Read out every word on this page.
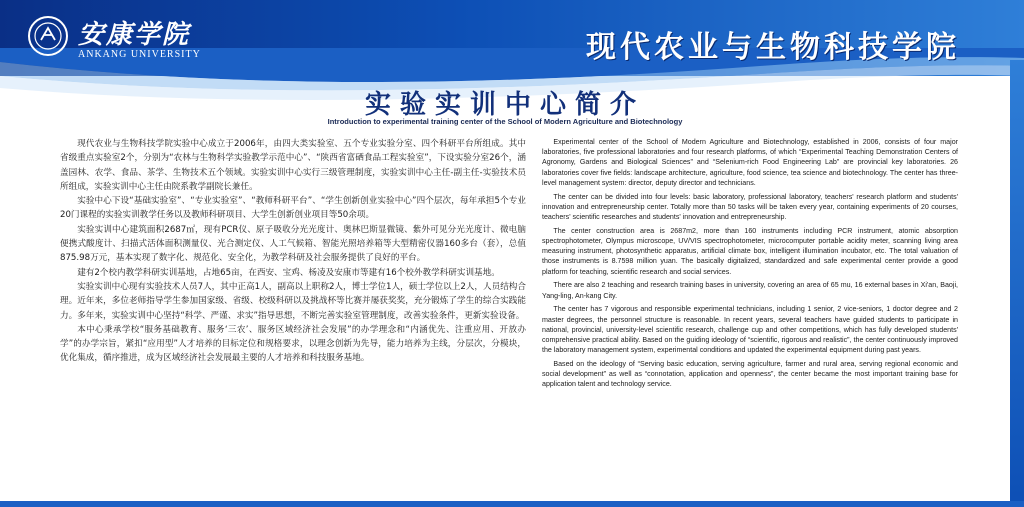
安康学院
ANKANG UNIVERSITY	现代农业与生物科技学院
实验实训中心简介
Introduction to experimental training center of the School of Modern Agriculture and Biotechnology

现代农业与生物科技学院实验中心成立于2006年，由四大类实验室、五个专业实验分室、四个科研平台所组成。其中省级重点实验室2个，分别为“农林与生物科学实验教学示范中心”、“陕西省富硒食品工程实验室”，下设实验分室26个，涵盖园林、农学、食品、茶学、生物技术五个领域。实验实训中心实行三级管理制度，实验实训中心主任-副主任-实验技术员所组成，实验实训中心主任由院系教学副院长兼任。

实验中心下设“基础实验室”、“专业实验室”、“教师科研平台”、“学生创新创业实验中心”四个层次，每年承担5个专业20门课程的实验实训教学任务以及教师科研项目、大学生创新创业项目等50余项。

实验实训中心建筑面积2687㎡，现有PCR仪、原子吸收分光光度计、奥林巴斯显微镜、紫外可见分光光度计、微电脑便携式酸度计、扫描式活体面积测量仪、光合测定仪、人工气候箱、智能光照培养箱等大型精密仪器160多台（套），总值875.98万元，基本实现了数字化、规范化、安全化，为教学科研及社会服务提供了良好的平台。

建有2个校内教学科研实训基地，占地65亩，在西安、宝鸡、杨凌及安康市等建有16个校外教学科研实训基地。

实验实训中心现有实验技术人员7人，其中正高1人，副高以上职称2人，博士学位1人，硕士学位以上2人，人员结构合理。近年来，多位老师指导学生参加国家级、省级、校级科研以及挑战杯等比赛并屡获奖奖，充分锻炼了学生的综合实践能力。多年来，实验实训中心坚持“科学、严谨、求实”指导思想，不断完善实验室管理制度，改善实验条件，更新实验设备。

本中心秉承学校“服务基础教育、服务‘三农’、服务区域经济社会发展”的办学理念和“内涵优先、注重应用、开放办学”的办学宗旨，紧扣“应用型”人才培养的目标定位和规格要求，以理念创新为先导，能力培养为主线，分层次，分模块，优化集成，循序推进，成为区域经济社会发展最主要的人才培养和科技服务基地。

Experimental center of the School of Modern Agriculture and Biotechnology, established in 2006, consists of four major laboratories, five professional laboratories and four research platforms, of which “Experimental Teaching Demonstration Centers of Agronomy, Gardens and Biological Sciences” and “Selenium-rich Food Engineering Lab” are provincial key laboratories. 26 laboratories cover five fields: landscape architecture, agriculture, food science, tea science and biotechnology. The center has three-level management system: director, deputy director and technicians.

The center can be divided into four levels: basic laboratory, professional laboratory, teachers' research platform and students' innovation and entrepreneurship center. Totally more than 50 tasks will be taken every year, containing experiments of 20 courses, teachers' scientific researches and students' innovation and entrepreneurship.

The center construction area is 2687m2, more than 160 instruments including PCR instrument, atomic absorption spectrophotometer, Olympus microscope, UV/VIS spectrophotometer, microcomputer portable acidity meter, scanning living area measuring instrument, photosynthetic apparatus, artificial climate box, intelligent illumination incubator, etc. The total valuation of those instruments is 8.7598 million yuan. The basically digitalized, standardized and safe experimental center provide a good platform for teaching, scientific research and social services.

There are also 2 teaching and research training bases in university, covering an area of 65 mu, 16 external bases in Xi'an, Baoji, Yang-ling, An-kang City.

The center has 7 vigorous and responsible experimental technicians, including 1 senior, 2 vice-seniors, 1 doctor degree and 2 master degrees, the personnel structure is reasonable. In recent years, several teachers have guided students to participate in national, provincial, university-level scientific research, challenge cup and other competitions, which has fully developed students' comprehensive practical ability. Based on the guiding ideology of “scientific, rigorous and realistic”, the center continuously improved the laboratory management system, experimental conditions and updated the experimental equipment during past years.

Based on the ideology of “Serving basic education, serving agriculture, farmer and rural area, serving regional economic and social development” as well as “connotation, application and openness”, the center became the most important training base for application talent and technology service.
